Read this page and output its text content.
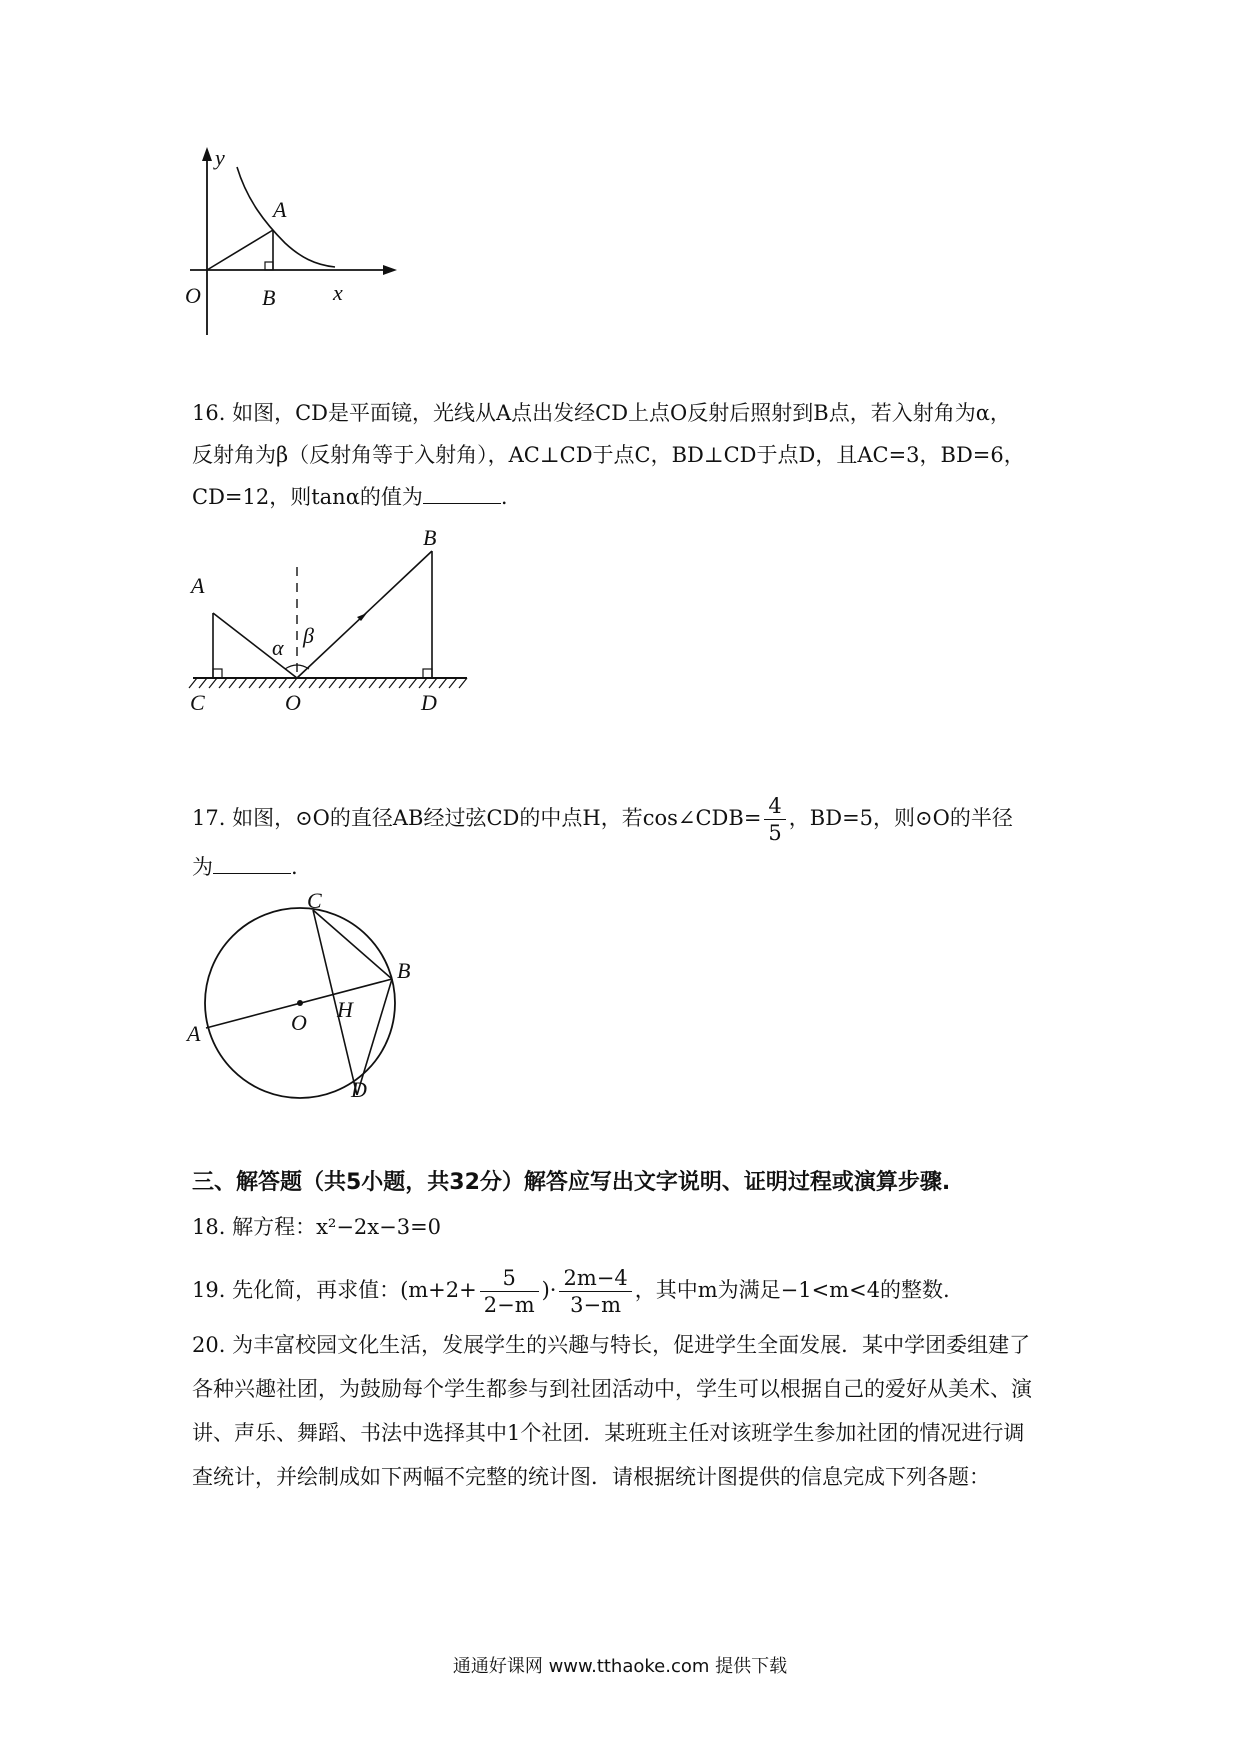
y
A
O	B	x
16. 如图，CD是平面镜，光线从A点出发经CD上点O反射后照射到B点，若入射角为α，
反射角为β（反射角等于入射角），AC⊥CD于点C，BD⊥CD于点D，且AC=3，BD=6，
CD=12，则tanα的值为	.
A
B
C	O	D
α β
17. 如图，⊙O的直径AB经过弦CD的中点H，若cos∠CDB= $\frac{4}{5}$ ，BD=5，则⊙O的半径
为	.
C
B
A	O
H
D
三、解答题（共5小题，共32分）解答应写出文字说明、证明过程或演算步骤.
18. 解方程：x²−2x−3=0
19. 先化简，再求值：($m+2+ \frac{5}{2-m}$ )· $\frac{2m-4}{3-m}$ ，其中m为满足−1<m<4的整数.
20. 为丰富校园文化生活，发展学生的兴趣与特长，促进学生全面发展．某中学团委组建了
各种兴趣社团，为鼓励每个学生都参与到社团活动中，学生可以根据自己的爱好从美术、演
讲、声乐、舞蹈、书法中选择其中1个社团．某班班主任对该班学生参加社团的情况进行调
查统计，并绘制成如下两幅不完整的统计图．请根据统计图提供的信息完成下列各题：
通通好课网 www.tthaoke.com 提供下载
